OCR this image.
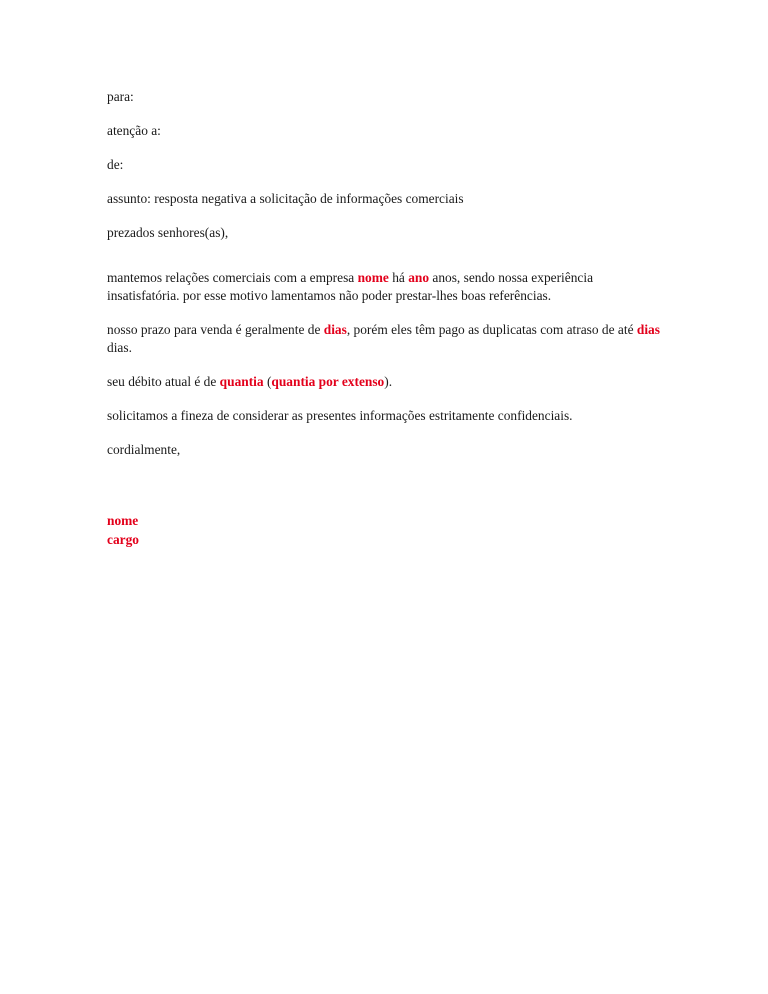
para:

atenção a:

de:

assunto: resposta negativa a solicitação de informações comerciais

prezados senhores(as),

mantemos relações comerciais com a empresa nome há ano anos, sendo nossa experiência insatisfatória. por esse motivo lamentamos não poder prestar-lhes boas referências.

nosso prazo para venda é geralmente de dias, porém eles têm pago as duplicatas com atraso de até dias dias.

seu débito atual é de quantia (quantia por extenso).

solicitamos a fineza de considerar as presentes informações estritamente confidenciais.

cordialmente,

nome
cargo
